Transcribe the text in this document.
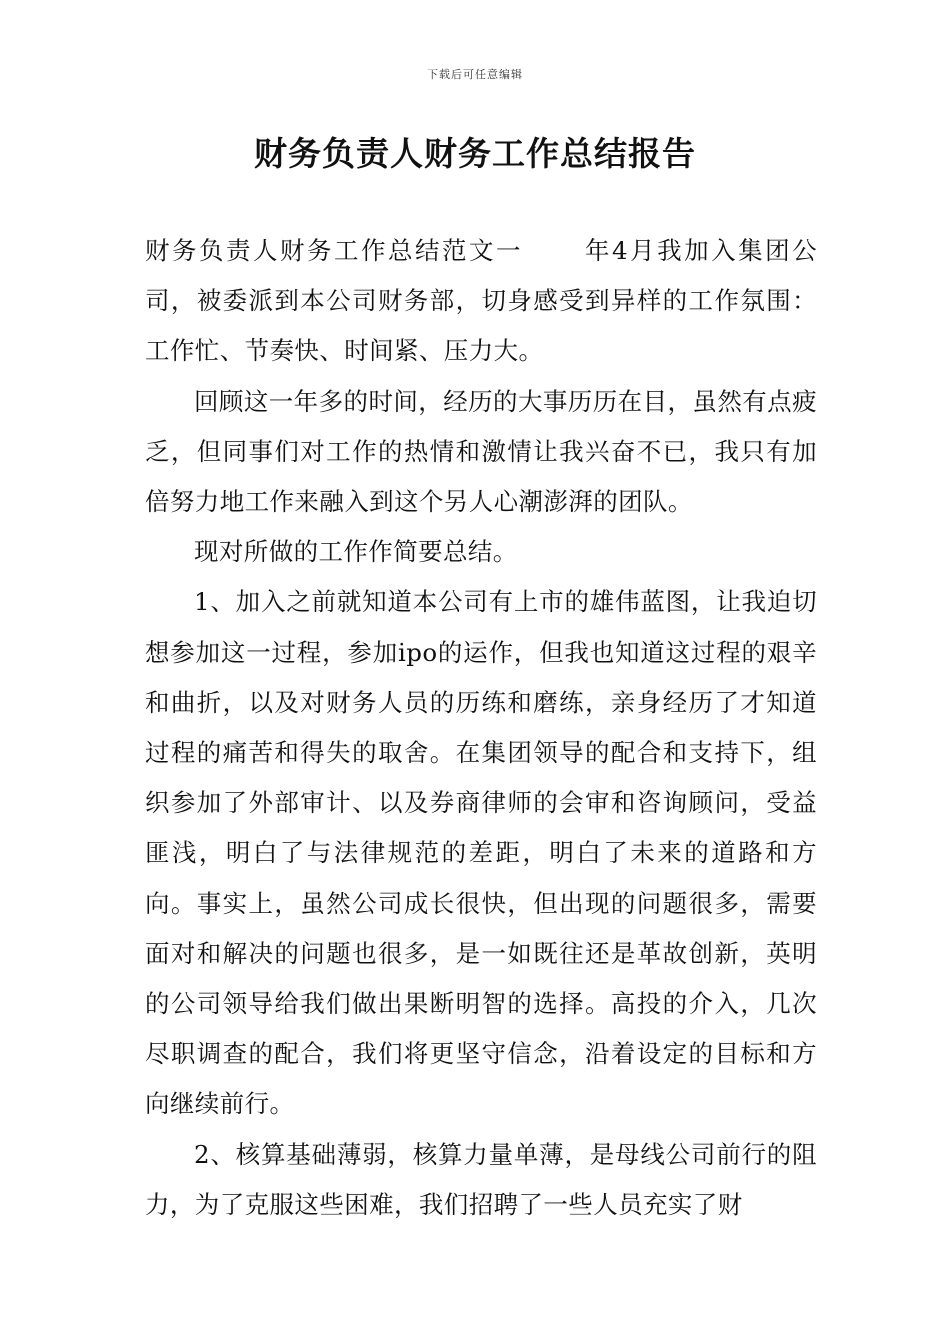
下载后可任意编辑
财务负责人财务工作总结报告

财务负责人财务工作总结范文一 年4月我加入集团公司，被委派到本公司财务部，切身感受到异样的工作氛围：工作忙、节奏快、时间紧、压力大。

回顾这一年多的时间，经历的大事历历在目，虽然有点疲乏，但同事们对工作的热情和激情让我兴奋不已，我只有加倍努力地工作来融入到这个另人心潮澎湃的团队。

现对所做的工作作简要总结。

1、加入之前就知道本公司有上市的雄伟蓝图，让我迫切想参加这一过程，参加ipo的运作，但我也知道这过程的艰辛和曲折，以及对财务人员的历练和磨练，亲身经历了才知道过程的痛苦和得失的取舍。在集团领导的配合和支持下，组织参加了外部审计、以及券商律师的会审和咨询顾问，受益匪浅，明白了与法律规范的差距，明白了未来的道路和方向。事实上，虽然公司成长很快，但出现的问题很多，需要面对和解决的问题也很多，是一如既往还是革故创新，英明的公司领导给我们做出果断明智的选择。高投的介入，几次尽职调查的配合，我们将更坚守信念，沿着设定的目标和方向继续前行。

2、核算基础薄弱，核算力量单薄，是母线公司前行的阻力，为了克服这些困难，我们招聘了一些人员充实了财
